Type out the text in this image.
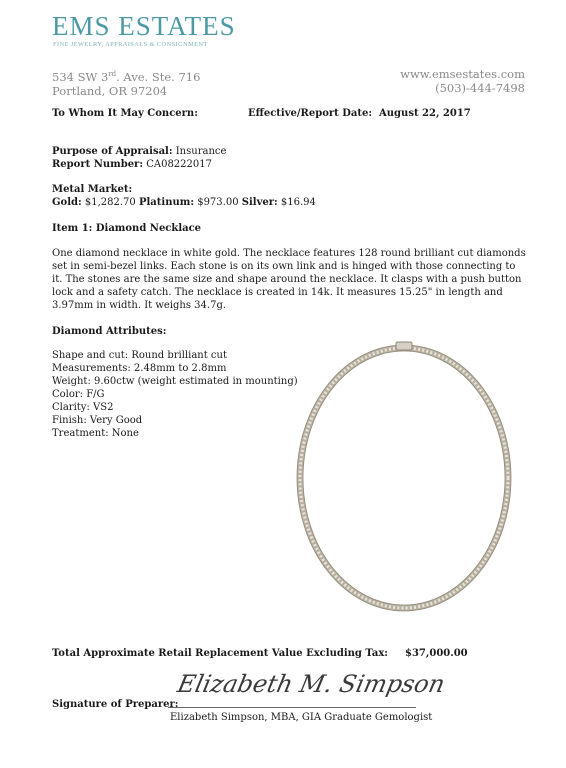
EMS ESTATES
FINE JEWELRY, APPRAISALS & CONSIGNMENT
534 SW 3rd. Ave. Ste. 716
Portland, OR 97204
www.emsestates.com
(503)-444-7498
To Whom It May Concern:	Effective/Report Date: August 22, 2017
Purpose of Appraisal: Insurance
Report Number: CA08222017
Metal Market:
Gold: $1,282.70 Platinum: $973.00 Silver: $16.94
Item 1: Diamond Necklace
One diamond necklace in white gold. The necklace features 128 round brilliant cut diamonds set in semi-bezel links. Each stone is on its own link and is hinged with those connecting to it. The stones are the same size and shape around the necklace. It clasps with a push button lock and a safety catch. The necklace is created in 14k. It measures 15.25" in length and 3.97mm in width. It weighs 34.7g.
Diamond Attributes:
Shape and cut: Round brilliant cut
Measurements: 2.48mm to 2.8mm
Weight: 9.60ctw (weight estimated in mounting)
Color: F/G
Clarity: VS2
Finish: Very Good
Treatment: None
Total Approximate Retail Replacement Value Excluding Tax: $37,000.00
Signature of Preparer:
Elizabeth M. Simpson
Elizabeth Simpson, MBA, GIA Graduate Gemologist
